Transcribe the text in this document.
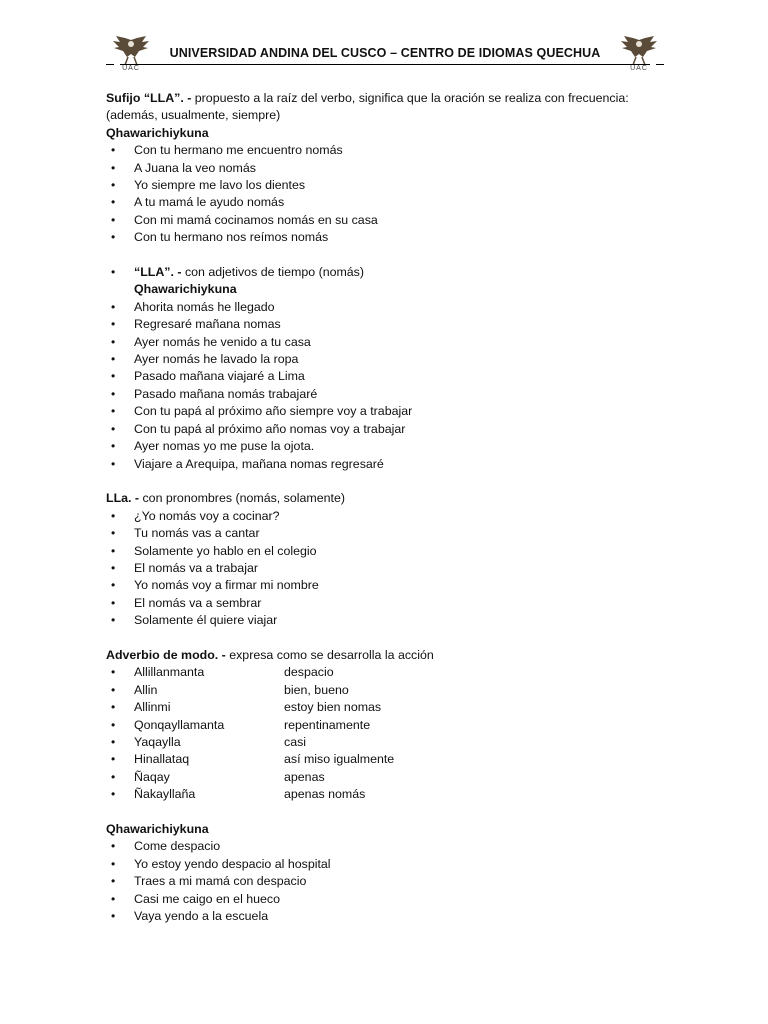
UAC
UNIVERSIDAD ANDINA DEL CUSCO – CENTRO DE IDIOMAS QUECHUA
UAC

Sufijo “LLA”. - propuesto a la raíz del verbo, significa que la oración se realiza con frecuencia:

(además, usualmente, siempre)

Qhawarichiykuna

• Con tu hermano me encuentro nomás
• A Juana la veo nomás
• Yo siempre me lavo los dientes
• A tu mamá le ayudo nomás
• Con mi mamá cocinamos nomás en su casa
• Con tu hermano nos reímos nomás
• “LLA”. - con adjetivos de tiempo (nomás)

Qhawarichiykuna

• Ahorita nomás he llegado
• Regresaré mañana nomas
• Ayer nomás he venido a tu casa
• Ayer nomás he lavado la ropa
• Pasado mañana viajaré a Lima
• Pasado mañana nomás trabajaré
• Con tu papá al próximo año siempre voy a trabajar
• Con tu papá al próximo año nomas voy a trabajar
• Ayer nomas yo me puse la ojota.
• Viajare a Arequipa, mañana nomas regresaré

LLa. - con pronombres (nomás, solamente)

• ¿Yo nomás voy a cocinar?
• Tu nomás vas a cantar
• Solamente yo hablo en el colegio
• El nomás va a trabajar
• Yo nomás voy a firmar mi nombre
• El nomás va a sembrar
• Solamente él quiere viajar

Adverbio de modo. - expresa como se desarrolla la acción

• Allillanmanta	despacio
• Allin	bien, bueno
• Allinmi	estoy bien nomas
• Qonqayllamanta	repentinamente
• Yaqaylla	casi
• Hinallataq	así miso igualmente
• Ñaqay	apenas
• Ñakayllaña	apenas nomás

Qhawarichiykuna

• Come despacio
• Yo estoy yendo despacio al hospital
• Traes a mi mamá con despacio
• Casi me caigo en el hueco
• Vaya yendo a la escuela
